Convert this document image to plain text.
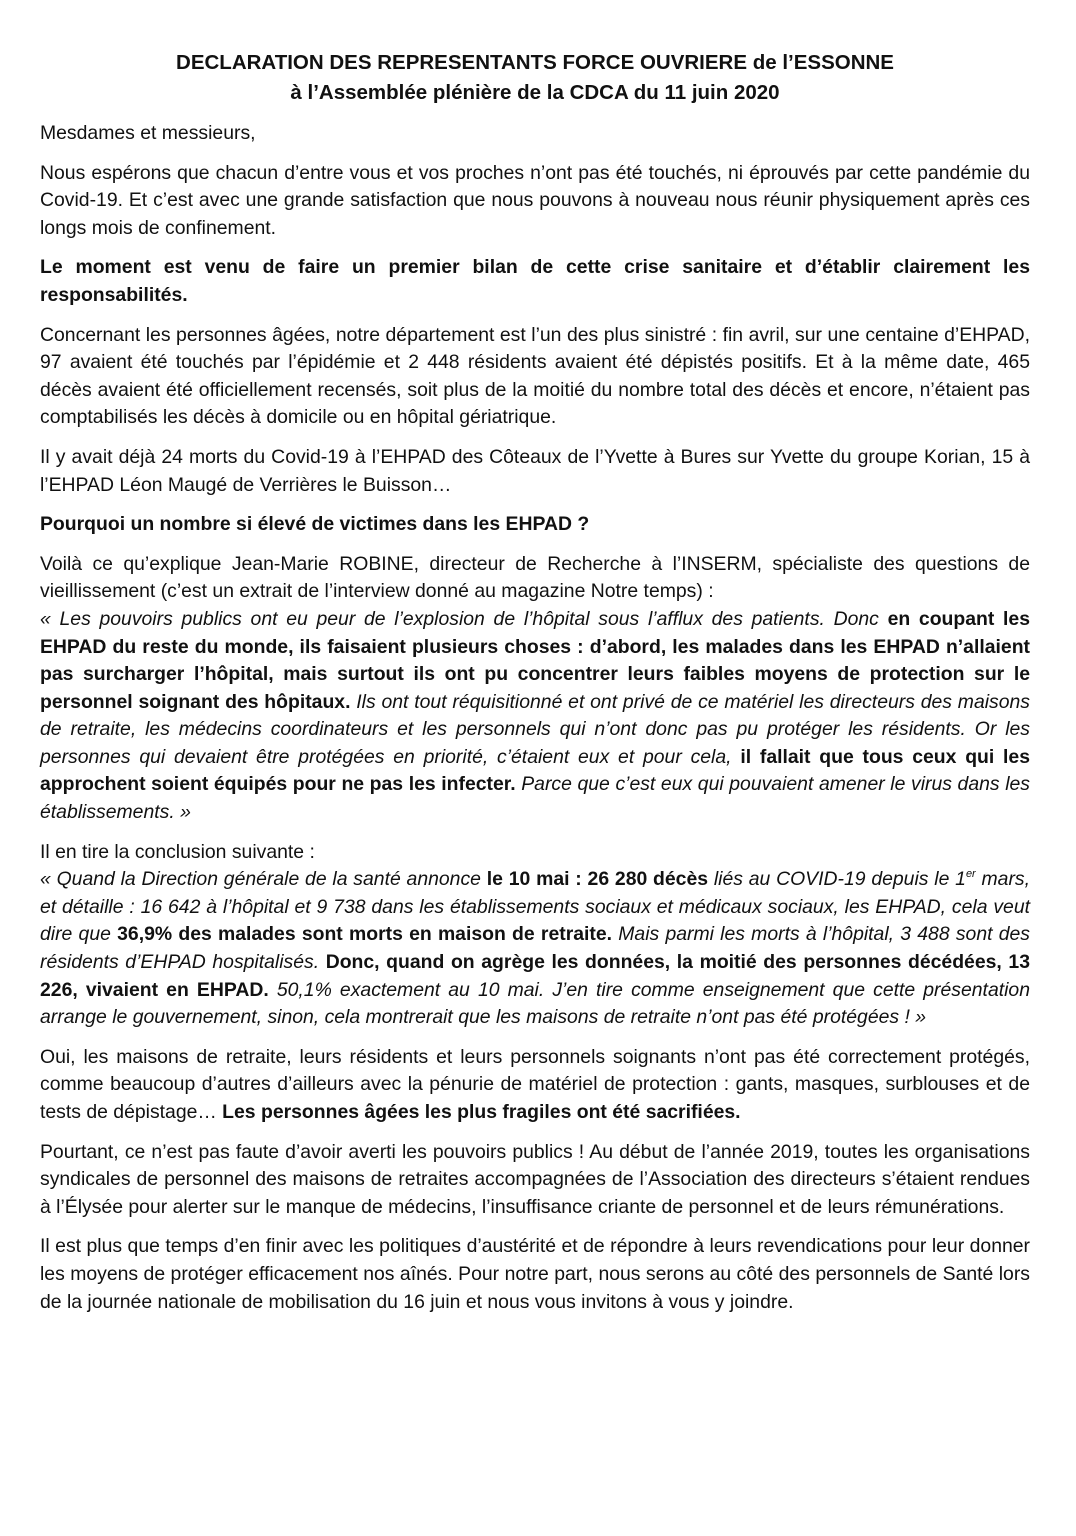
DECLARATION DES REPRESENTANTS FORCE OUVRIERE de l’ESSONNE
à l’Assemblée plénière de la CDCA du 11 juin 2020

Mesdames et messieurs,

Nous espérons que chacun d’entre vous et vos proches n’ont pas été touchés, ni éprouvés par cette pandémie du Covid-19. Et c’est avec une grande satisfaction que nous pouvons à nouveau nous réunir physiquement après ces longs mois de confinement.

Le moment est venu de faire un premier bilan de cette crise sanitaire et d’établir clairement les responsabilités.

Concernant les personnes âgées, notre département est l’un des plus sinistré : fin avril, sur une centaine d’EHPAD, 97 avaient été touchés par l’épidémie et 2 448 résidents avaient été dépistés positifs. Et à la même date, 465 décès avaient été officiellement recensés, soit plus de la moitié du nombre total des décès et encore, n’étaient pas comptabilisés les décès à domicile ou en hôpital gériatrique.

Il y avait déjà 24 morts du Covid-19 à l’EHPAD des Côteaux de l’Yvette à Bures sur Yvette du groupe Korian, 15 à l’EHPAD Léon Maugé de Verrières le Buisson…

Pourquoi un nombre si élevé de victimes dans les EHPAD ?

Voilà ce qu’explique Jean-Marie ROBINE, directeur de Recherche à l’INSERM, spécialiste des questions de vieillissement (c’est un extrait de l’interview donné au magazine Notre temps) :
« Les pouvoirs publics ont eu peur de l’explosion de l’hôpital sous l’afflux des patients. Donc en coupant les EHPAD du reste du monde, ils faisaient plusieurs choses : d’abord, les malades dans les EHPAD n’allaient pas surcharger l’hôpital, mais surtout ils ont pu concentrer leurs faibles moyens de protection sur le personnel soignant des hôpitaux. Ils ont tout réquisitionné et ont privé de ce matériel les directeurs des maisons de retraite, les médecins coordinateurs et les personnels qui n’ont donc pas pu protéger les résidents. Or les personnes qui devaient être protégées en priorité, c’étaient eux et pour cela, il fallait que tous ceux qui les approchent soient équipés pour ne pas les infecter. Parce que c’est eux qui pouvaient amener le virus dans les établissements. »

Il en tire la conclusion suivante :
« Quand la Direction générale de la santé annonce le 10 mai : 26 280 décès liés au COVID-19 depuis le 1er mars, et détaille : 16 642 à l’hôpital et 9 738 dans les établissements sociaux et médicaux sociaux, les EHPAD, cela veut dire que 36,9% des malades sont morts en maison de retraite. Mais parmi les morts à l’hôpital, 3 488 sont des résidents d’EHPAD hospitalisés. Donc, quand on agrège les données, la moitié des personnes décédées, 13 226, vivaient en EHPAD. 50,1% exactement au 10 mai. J’en tire comme enseignement que cette présentation arrange le gouvernement, sinon, cela montrerait que les maisons de retraite n’ont pas été protégées ! »

Oui, les maisons de retraite, leurs résidents et leurs personnels soignants n’ont pas été correctement protégés, comme beaucoup d’autres d’ailleurs avec la pénurie de matériel de protection : gants, masques, surblouses et de tests de dépistage… Les personnes âgées les plus fragiles ont été sacrifiées.

Pourtant, ce n’est pas faute d’avoir averti les pouvoirs publics ! Au début de l’année 2019, toutes les organisations syndicales de personnel des maisons de retraites accompagnées de l’Association des directeurs s’étaient rendues à l’Élysée pour alerter sur le manque de médecins, l’insuffisance criante de personnel et de leurs rémunérations.

Il est plus que temps d’en finir avec les politiques d’austérité et de répondre à leurs revendications pour leur donner les moyens de protéger efficacement nos aînés. Pour notre part, nous serons au côté des personnels de Santé lors de la journée nationale de mobilisation du 16 juin et nous vous invitons à vous y joindre.
